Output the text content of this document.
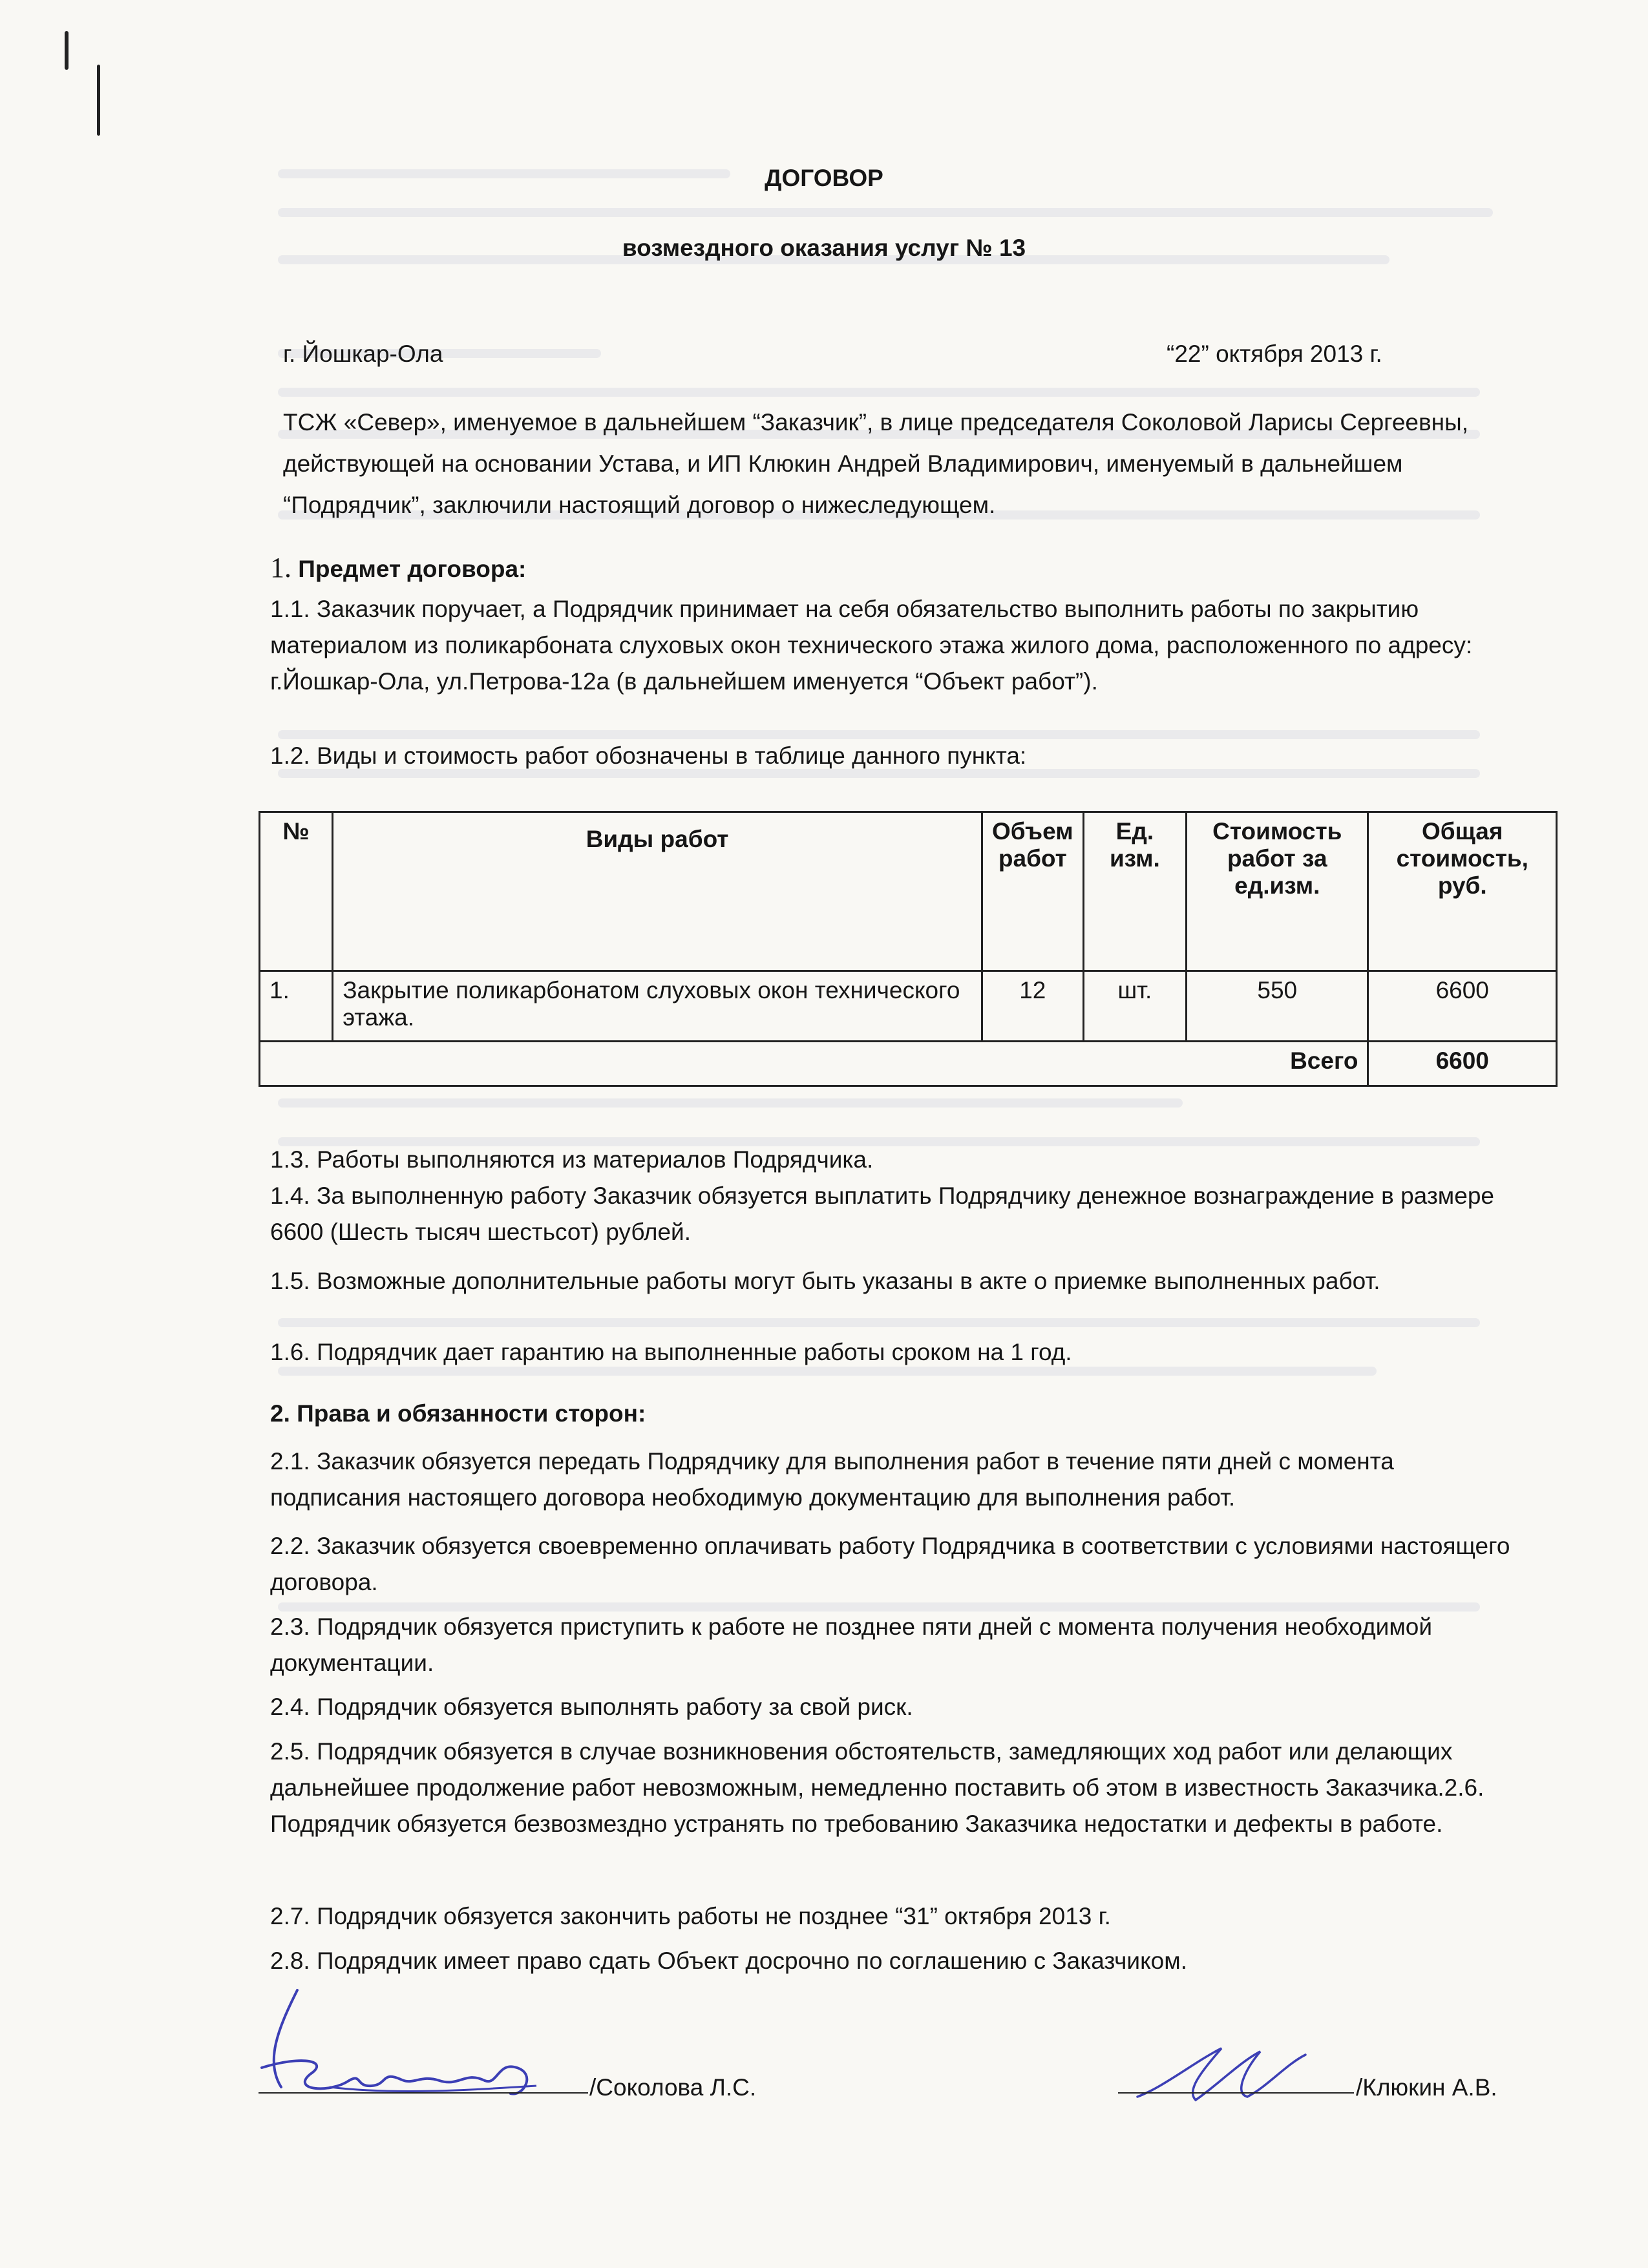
ДОГОВОР
возмездного оказания услуг № 13
г. Йошкар-Ола	“22” октября 2013 г.
ТСЖ «Север», именуемое в дальнейшем “Заказчик”, в лице председателя Соколовой Ларисы Сергеевны, действующей на основании Устава, и ИП Клюкин Андрей Владимирович, именуемый в дальнейшем “Подрядчик”, заключили настоящий договор о нижеследующем.
1. Предмет договора:
1.1. Заказчик поручает, а Подрядчик принимает на себя обязательство выполнить работы по закрытию материалом из поликарбоната слуховых окон технического этажа жилого дома, расположенного по адресу: г.Йошкар-Ола, ул.Петрова-12а (в дальнейшем именуется “Объект работ”).
1.2. Виды и стоимость работ обозначены в таблице данного пункта:
№	Виды работ	Объем работ	Ед. изм.	Стоимость работ за ед.изм.	Общая стоимость, руб.
1.	Закрытие поликарбонатом слуховых окон технического этажа.	12	шт.	550	6600
Всего					6600
1.3. Работы выполняются из материалов Подрядчика.
1.4. За выполненную работу Заказчик обязуется выплатить Подрядчику денежное вознаграждение в размере 6600 (Шесть тысяч шестьсот) рублей.
1.5. Возможные дополнительные работы могут быть указаны в акте о приемке выполненных работ.
1.6. Подрядчик дает гарантию на выполненные работы сроком на 1 год.
2. Права и обязанности сторон:
2.1. Заказчик обязуется передать Подрядчику для выполнения работ в течение пяти дней с момента подписания настоящего договора необходимую документацию для выполнения работ.
2.2. Заказчик обязуется своевременно оплачивать работу Подрядчика в соответствии с условиями настоящего договора.
2.3. Подрядчик обязуется приступить к работе не позднее пяти дней с момента получения необходимой документации.
2.4. Подрядчик обязуется выполнять работу за свой риск.
2.5. Подрядчик обязуется в случае возникновения обстоятельств, замедляющих ход работ или делающих дальнейшее продолжение работ невозможным, немедленно поставить об этом в известность Заказчика.2.6. Подрядчик обязуется безвозмездно устранять по требованию Заказчика недостатки и дефекты в работе.
2.7. Подрядчик обязуется закончить работы не позднее “31” октября 2013 г.
2.8. Подрядчик имеет право сдать Объект досрочно по соглашению с Заказчиком.
/Соколова Л.С.	/Клюкин А.В.
